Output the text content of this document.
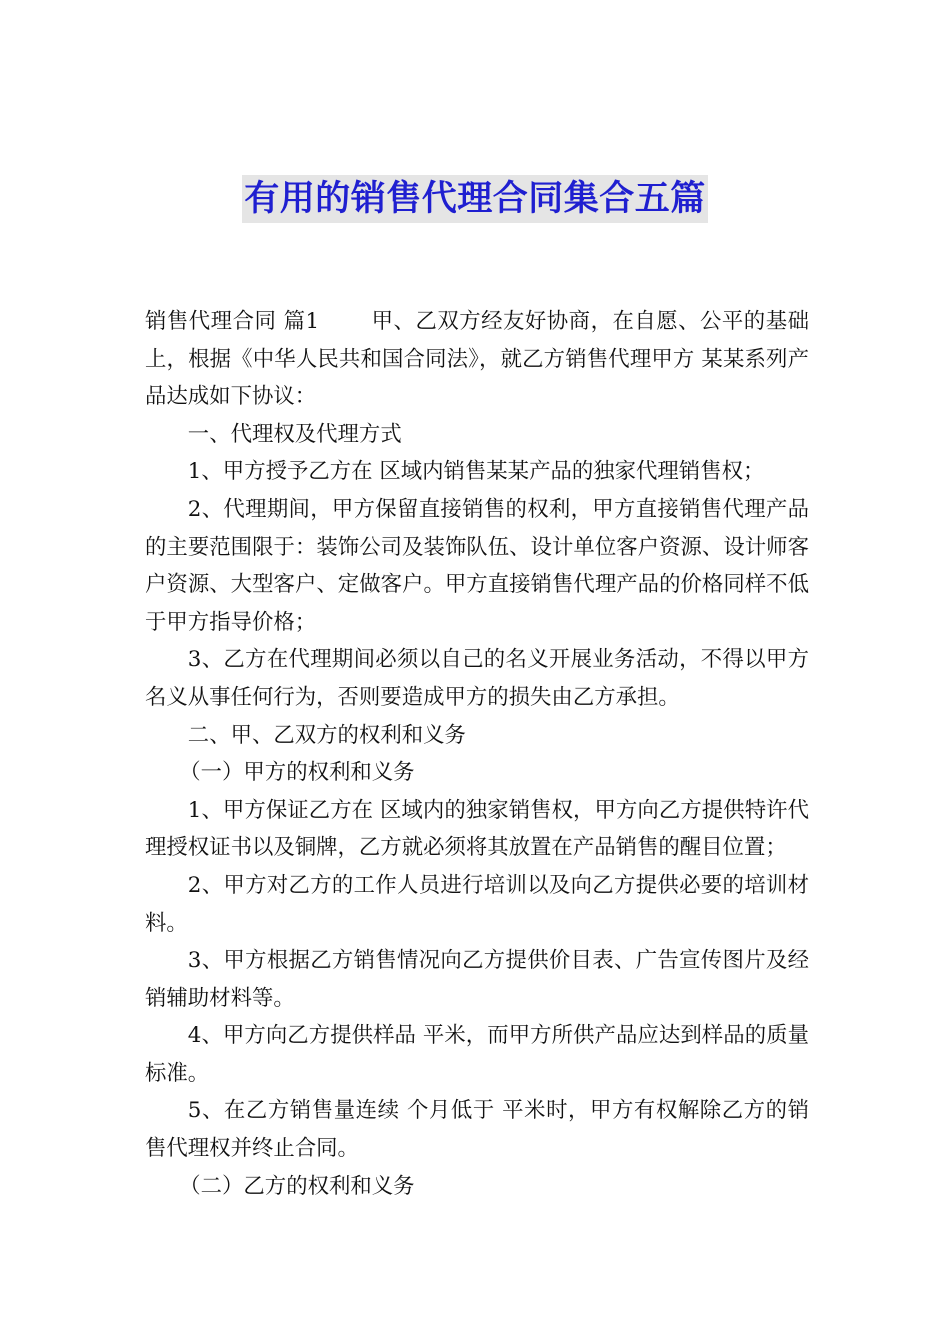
有用的销售代理合同集合五篇

销售代理合同 篇1 甲、乙双方经友好协商，在自愿、公平的基础上，根据《中华人民共和国合同法》，就乙方销售代理甲方 某某系列产品达成如下协议：

一、代理权及代理方式

1、甲方授予乙方在 区域内销售某某产品的独家代理销售权；

2、代理期间，甲方保留直接销售的权利，甲方直接销售代理产品的主要范围限于：装饰公司及装饰队伍、设计单位客户资源、设计师客户资源、大型客户、定做客户。甲方直接销售代理产品的价格同样不低于甲方指导价格；

3、乙方在代理期间必须以自己的名义开展业务活动，不得以甲方名义从事任何行为，否则要造成甲方的损失由乙方承担。

二、甲、乙双方的权利和义务

（一）甲方的权利和义务

1、甲方保证乙方在 区域内的独家销售权，甲方向乙方提供特许代理授权证书以及铜牌，乙方就必须将其放置在产品销售的醒目位置；

2、甲方对乙方的工作人员进行培训以及向乙方提供必要的培训材料。

3、甲方根据乙方销售情况向乙方提供价目表、广告宣传图片及经销辅助材料等。

4、甲方向乙方提供样品 平米，而甲方所供产品应达到样品的质量标准。

5、在乙方销售量连续 个月低于 平米时，甲方有权解除乙方的销售代理权并终止合同。

（二）乙方的权利和义务
